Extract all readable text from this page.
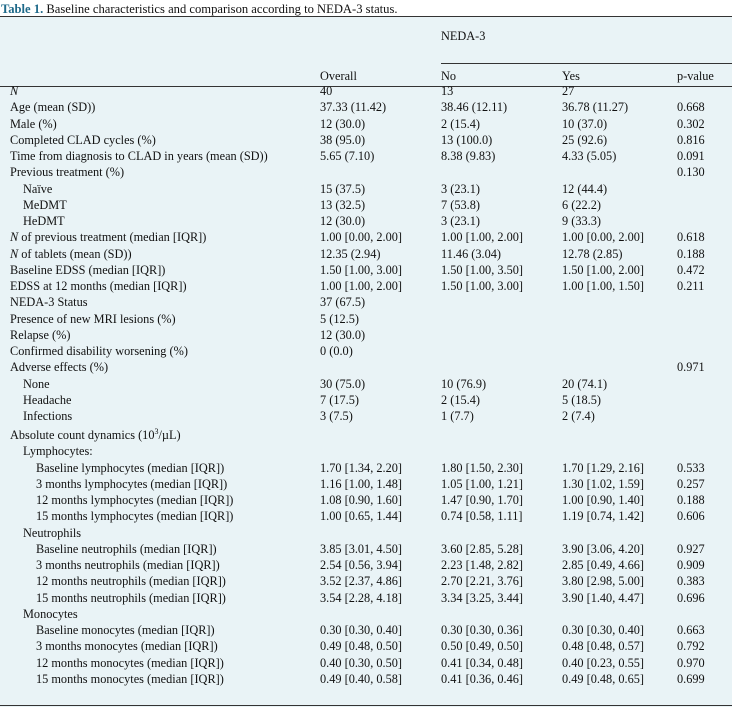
Table 1. Baseline characteristics and comparison according to NEDA-3 status.
NEDA-3
Overall	No	Yes	p-value
N	40	13	27	
Age (mean (SD))	37.33 (11.42)	38.46 (12.11)	36.78 (11.27)	0.668
Male (%)	12 (30.0)	2 (15.4)	10 (37.0)	0.302
Completed CLAD cycles (%)	38 (95.0)	13 (100.0)	25 (92.6)	0.816
Time from diagnosis to CLAD in years (mean (SD))	5.65 (7.10)	8.38 (9.83)	4.33 (5.05)	0.091
Previous treatment (%)				0.130
Naïve	15 (37.5)	3 (23.1)	12 (44.4)	
MeDMT	13 (32.5)	7 (53.8)	6 (22.2)	
HeDMT	12 (30.0)	3 (23.1)	9 (33.3)	
N of previous treatment (median [IQR])	1.00 [0.00, 2.00]	1.00 [1.00, 2.00]	1.00 [0.00, 2.00]	0.618
N of tablets (mean (SD))	12.35 (2.94)	11.46 (3.04)	12.78 (2.85)	0.188
Baseline EDSS (median [IQR])	1.50 [1.00, 3.00]	1.50 [1.00, 3.50]	1.50 [1.00, 2.00]	0.472
EDSS at 12 months (median [IQR])	1.00 [1.00, 2.00]	1.50 [1.00, 3.00]	1.00 [1.00, 1.50]	0.211
NEDA-3 Status	37 (67.5)			
Presence of new MRI lesions (%)	5 (12.5)			
Relapse (%)	12 (30.0)			
Confirmed disability worsening (%)	0 (0.0)			
Adverse effects (%)				0.971
None	30 (75.0)	10 (76.9)	20 (74.1)	
Headache	7 (17.5)	2 (15.4)	5 (18.5)	
Infections	3 (7.5)	1 (7.7)	2 (7.4)	
Absolute count dynamics $(10^3/\mu L)$				
Lymphocytes:				
Baseline lymphocytes (median [IQR])	1.70 [1.34, 2.20]	1.80 [1.50, 2.30]	1.70 [1.29, 2.16]	0.533
3 months lymphocytes (median [IQR])	1.16 [1.00, 1.48]	1.05 [1.00, 1.21]	1.30 [1.02, 1.59]	0.257
12 months lymphocytes (median [IQR])	1.08 [0.90, 1.60]	1.47 [0.90, 1.70]	1.00 [0.90, 1.40]	0.188
15 months lymphocytes (median [IQR])	1.00 [0.65, 1.44]	0.74 [0.58, 1.11]	1.19 [0.74, 1.42]	0.606
Neutrophils				
Baseline neutrophils (median [IQR])	3.85 [3.01, 4.50]	3.60 [2.85, 5.28]	3.90 [3.06, 4.20]	0.927
3 months neutrophils (median [IQR])	2.54 [0.56, 3.94]	2.23 [1.48, 2.82]	2.85 [0.49, 4.66]	0.909
12 months neutrophils (median [IQR])	3.52 [2.37, 4.86]	2.70 [2.21, 3.76]	3.80 [2.98, 5.00]	0.383
15 months neutrophils (median [IQR])	3.54 [2.28, 4.18]	3.34 [3.25, 3.44]	3.90 [1.40, 4.47]	0.696
Monocytes				
Baseline monocytes (median [IQR])	0.30 [0.30, 0.40]	0.30 [0.30, 0.36]	0.30 [0.30, 0.40]	0.663
3 months monocytes (median [IQR])	0.49 [0.48, 0.50]	0.50 [0.49, 0.50]	0.48 [0.48, 0.57]	0.792
12 months monocytes (median [IQR])	0.40 [0.30, 0.50]	0.41 [0.34, 0.48]	0.40 [0.23, 0.55]	0.970
15 months monocytes (median [IQR])	0.49 [0.40, 0.58]	0.41 [0.36, 0.46]	0.49 [0.48, 0.65]	0.699
